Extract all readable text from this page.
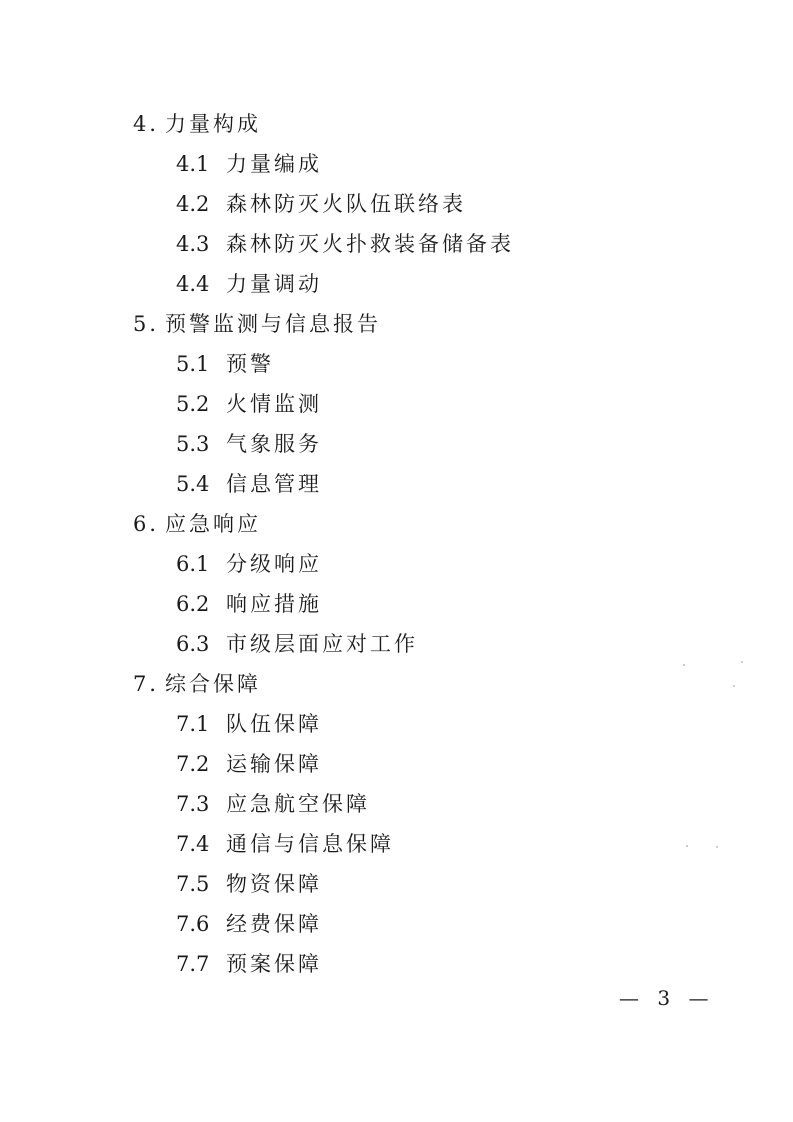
4．
力量构成
4.1 力量编成
4.2 森林防灭火队伍联络表
4.3 森林防灭火扑救装备储备表
4.4 力量调动
5．
预警监测与信息报告
5.1 预警
5.2 火情监测
5.3 气象服务
5.4 信息管理
6．
应急响应
6.1 分级响应
6.2 响应措施
6.3 市级层面应对工作
7．
综合保障
7.1 队伍保障
7.2 运输保障
7.3 应急航空保障
7.4 通信与信息保障
7.5 物资保障
7.6 经费保障
7.7 预案保障
— 3 —
